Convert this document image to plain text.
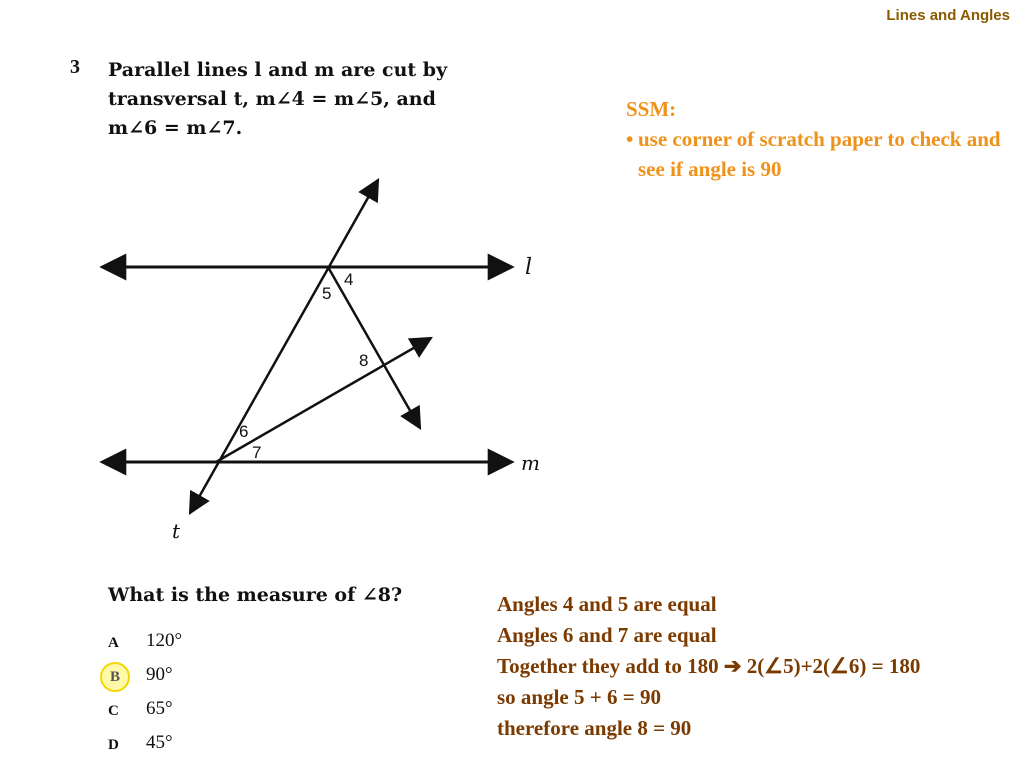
Lines and Angles
3 Parallel lines l and m are cut by
transversal t, m∠4 = m∠5, and
m∠6 = m∠7.
l
m
t
4
5
8
6
7
What is the measure of ∠8?
A	120°
B	90°
C	65°
D	45°
SSM:
• use corner of scratch paper to check and see if angle is 90
Angles 4 and 5 are equal
Angles 6 and 7 are equal
Together they add to 180 ➔ 2(∠5)+2(∠6) = 180
so angle 5 + 6 = 90
therefore angle 8 = 90
